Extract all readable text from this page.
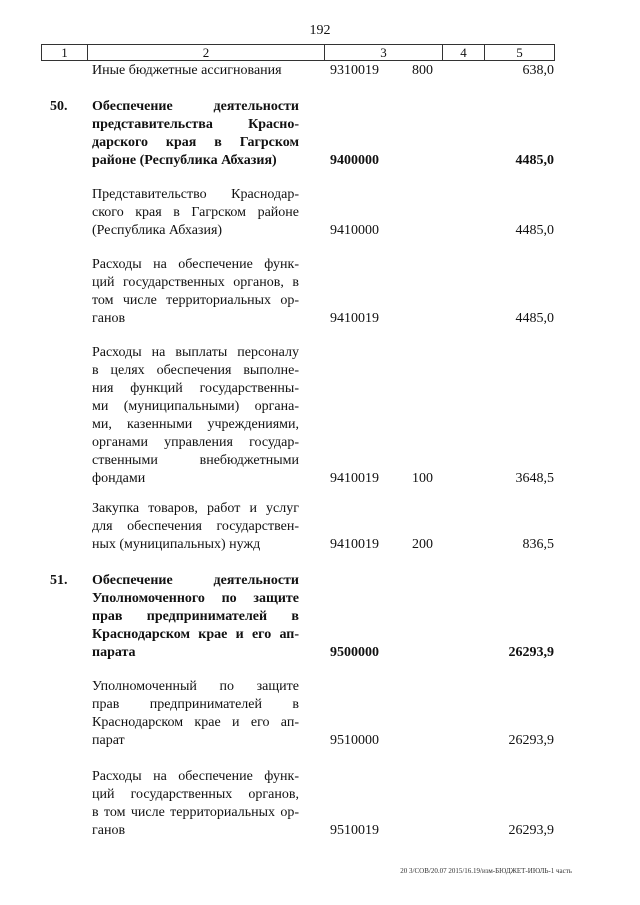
192
1	2	3	4	5
Иные бюджетные ассигнования	9310019 800	638,0
50. Обеспечение деятельности
представительства Красно-
дарского края в Гагрском
районе (Республика Абхазия)	9400000	4485,0
Представительство Краснодар-
ского края в Гагрском районе
(Республика Абхазия)	9410000	4485,0
Расходы на обеспечение функ-
ций государственных органов, в
том числе территориальных ор-
ганов	9410019	4485,0
Расходы на выплаты персоналу
в целях обеспечения выполне-
ния функций государственны-
ми (муниципальными) органа-
ми, казенными учреждениями,
органами управления государ-
ственными внебюджетными
фондами	9410019 100	3648,5
Закупка товаров, работ и услуг
для обеспечения государствен-
ных (муниципальных) нужд	9410019 200	836,5
51. Обеспечение деятельности
Уполномоченного по защите
прав предпринимателей в
Краснодарском крае и его ап-
парата	9500000	26293,9
Уполномоченный по защите
прав предпринимателей в
Краснодарском крае и его ап-
парат	9510000	26293,9
Расходы на обеспечение функ-
ций государственных органов,
в том числе территориальных ор-
ганов	9510019	26293,9
20 3/СОВ/20.07 2015/16.19/изм-БЮДЖЕТ-ИЮЛЬ-1 часть
